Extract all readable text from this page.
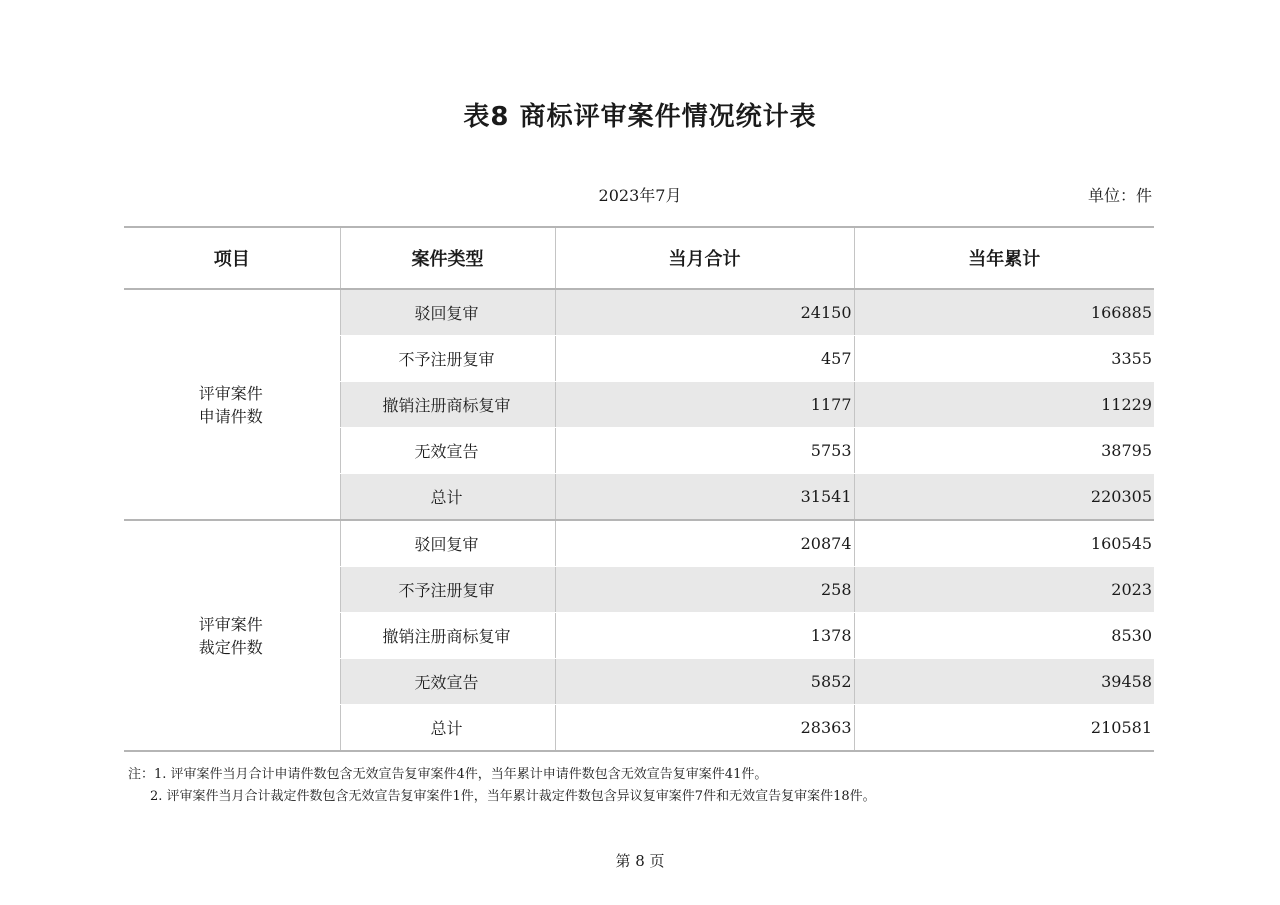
表8 商标评审案件情况统计表
2023年7月	单位：件
项目	案件类型	当月合计	当年累计

评审案件
申请件数	驳回复审	24150	166885
	不予注册复审	457	3355
	撤销注册商标复审	1177	11229
	无效宣告	5753	38795
	总计	31541	220305

评审案件
裁定件数	驳回复审	20874	160545
	不予注册复审	258	2023
	撤销注册商标复审	1378	8530
	无效宣告	5852	39458
	总计	28363	210581
注：1. 评审案件当月合计申请件数包含无效宣告复审案件4件，当年累计申请件数包含无效宣告复审案件41件。
2. 评审案件当月合计裁定件数包含无效宣告复审案件1件，当年累计裁定件数包含异议复审案件7件和无效宣告复审案件18件。
第 8 页
